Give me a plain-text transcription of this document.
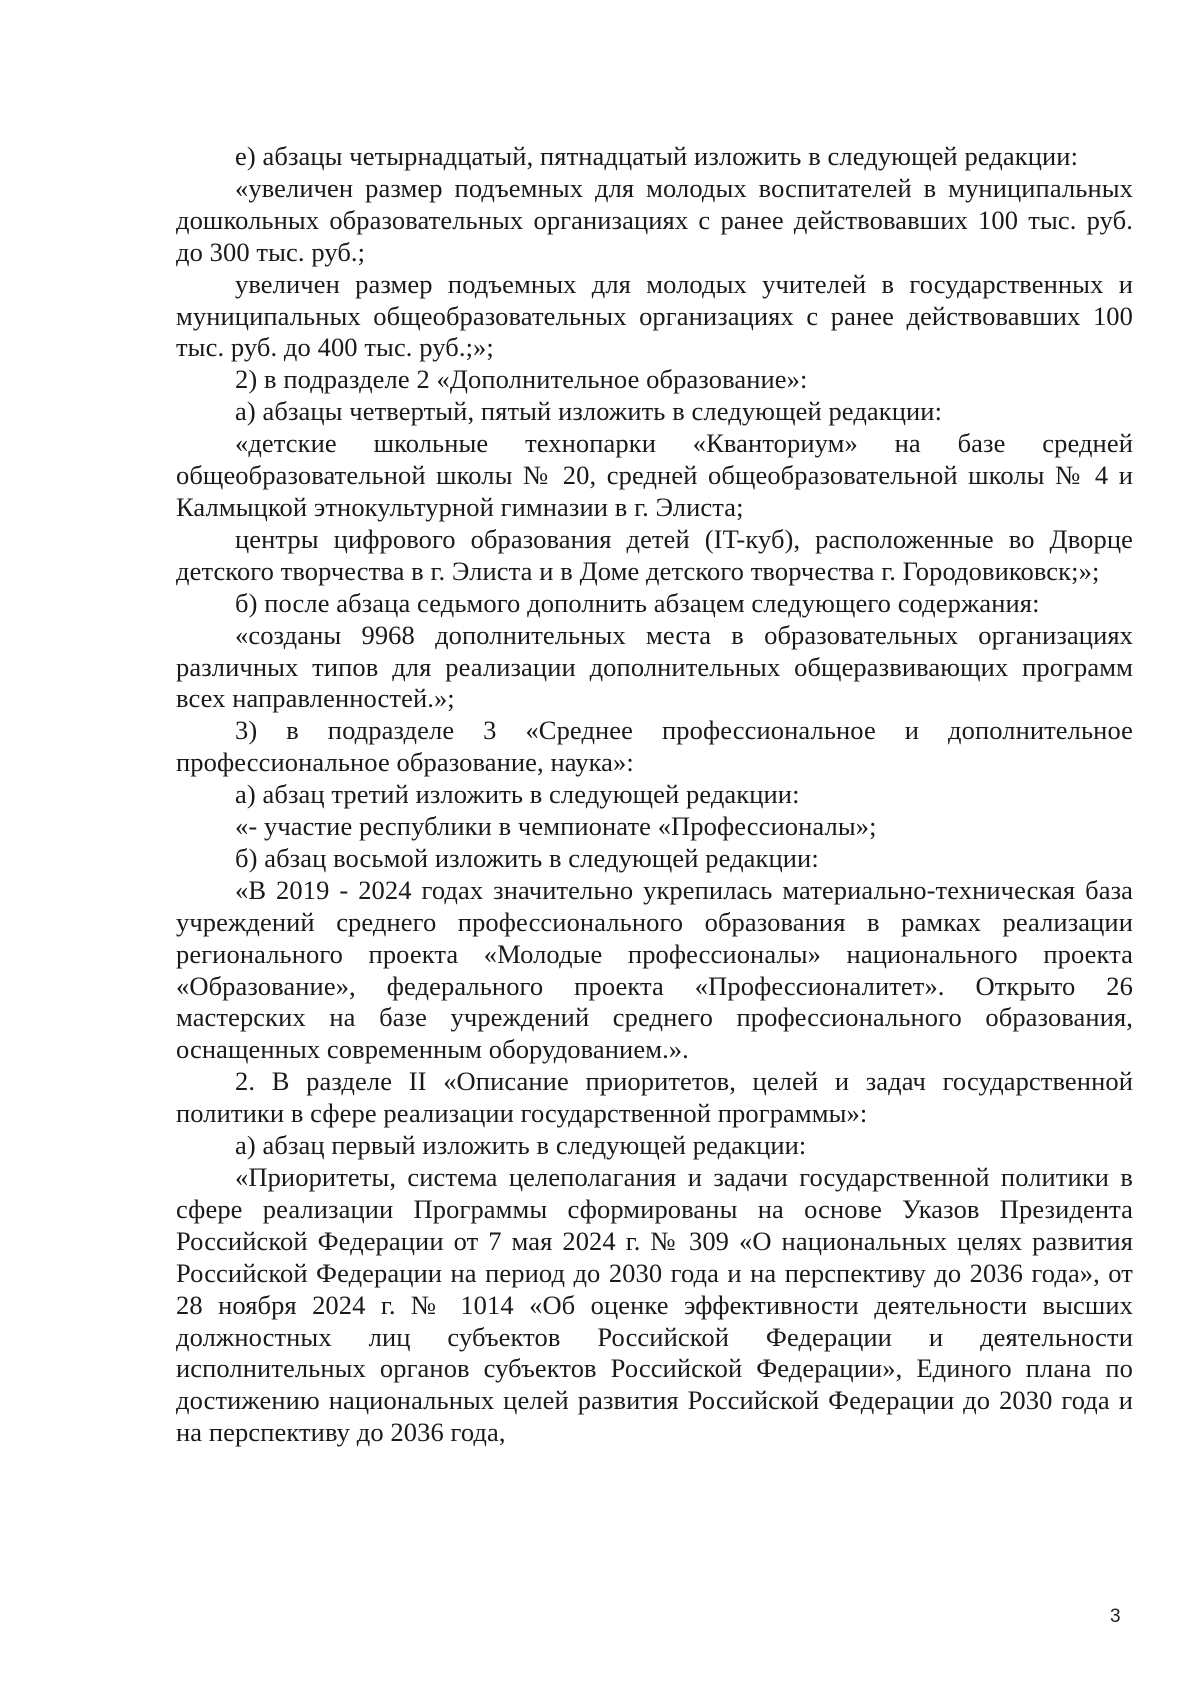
е) абзацы четырнадцатый, пятнадцатый изложить в следующей редакции:

«увеличен размер подъемных для молодых воспитателей в муниципальных дошкольных образовательных организациях с ранее действовавших 100 тыс. руб. до 300 тыс. руб.;

увеличен размер подъемных для молодых учителей в государственных и муниципальных общеобразовательных организациях с ранее действовавших 100 тыс. руб. до 400 тыс. руб.;»;

2) в подразделе 2 «Дополнительное образование»:

а) абзацы четвертый, пятый изложить в следующей редакции:

«детские школьные технопарки «Кванториум» на базе средней общеобразовательной школы № 20, средней общеобразовательной школы № 4 и Калмыцкой этнокультурной гимназии в г. Элиста;

центры цифрового образования детей (IT-куб), расположенные во Дворце детского творчества в г. Элиста и в Доме детского творчества г. Городовиковск;»;

б) после абзаца седьмого дополнить абзацем следующего содержания:

«созданы 9968 дополнительных места в образовательных организациях различных типов для реализации дополнительных общеразвивающих программ всех направленностей.»;

3) в подразделе 3 «Среднее профессиональное и дополнительное профессиональное образование, наука»:

а) абзац третий изложить в следующей редакции:

«- участие республики в чемпионате «Профессионалы»;

б) абзац восьмой изложить в следующей редакции:

«В 2019 - 2024 годах значительно укрепилась материально-техническая база учреждений среднего профессионального образования в рамках реализации регионального проекта «Молодые профессионалы» национального проекта «Образование», федерального проекта «Профессионалитет». Открыто 26 мастерских на базе учреждений среднего профессионального образования, оснащенных современным оборудованием.».

2. В разделе II «Описание приоритетов, целей и задач государственной политики в сфере реализации государственной программы»:

а) абзац первый изложить в следующей редакции:

«Приоритеты, система целеполагания и задачи государственной политики в сфере реализации Программы сформированы на основе Указов Президента Российской Федерации от 7 мая 2024 г. № 309 «О национальных целях развития Российской Федерации на период до 2030 года и на перспективу до 2036 года», от 28 ноября 2024 г. № 1014 «Об оценке эффективности деятельности высших должностных лиц субъектов Российской Федерации и деятельности исполнительных органов субъектов Российской Федерации», Единого плана по достижению национальных целей развития Российской Федерации до 2030 года и на перспективу до 2036 года,

3
